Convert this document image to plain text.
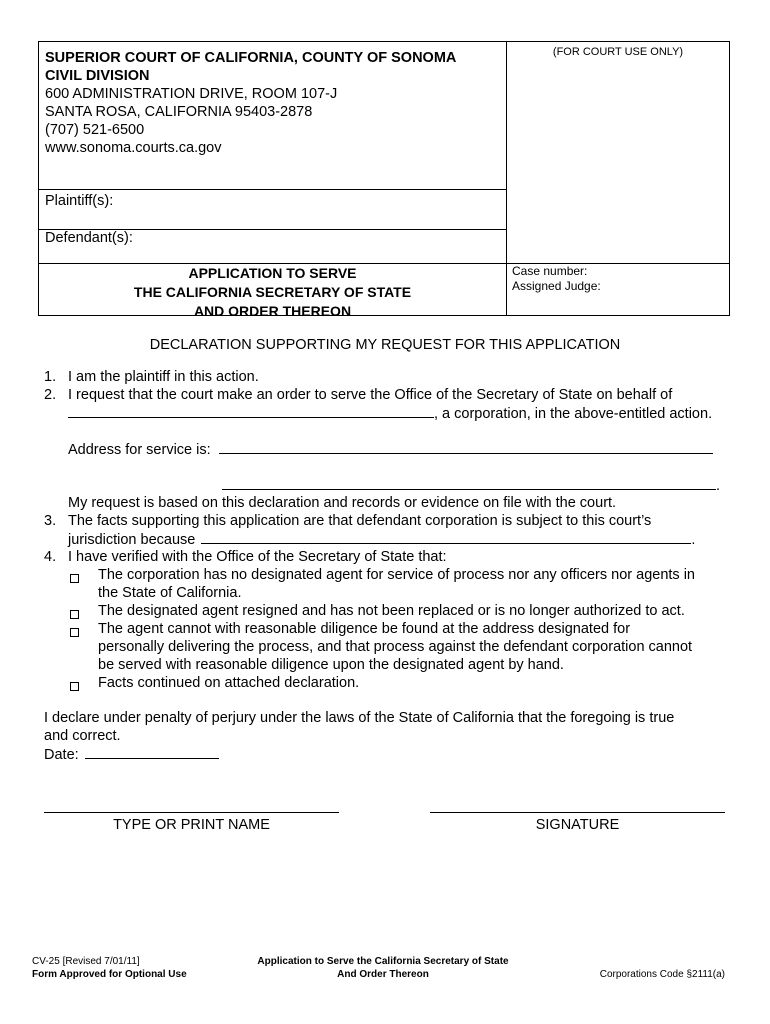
SUPERIOR COURT OF CALIFORNIA, COUNTY OF SONOMA
CIVIL DIVISION
600 ADMINISTRATION DRIVE, ROOM 107-J
SANTA ROSA, CALIFORNIA 95403-2878
(707) 521-6500
www.sonoma.courts.ca.gov
(FOR COURT USE ONLY)
Plaintiff(s):
Defendant(s):
APPLICATION TO SERVE
THE CALIFORNIA SECRETARY OF STATE
AND ORDER THEREON
Case number:
Assigned Judge:
DECLARATION SUPPORTING MY REQUEST FOR THIS APPLICATION
1. I am the plaintiff in this action.
2. I request that the court make an order to serve the Office of the Secretary of State on behalf of
, a corporation, in the above-entitled action.
Address for service is:
.
My request is based on this declaration and records or evidence on file with the court.
3. The facts supporting this application are that defendant corporation is subject to this court’s
jurisdiction because	.
4. I have verified with the Office of the Secretary of State that:
The corporation has no designated agent for service of process nor any officers nor agents in
the State of California.
The designated agent resigned and has not been replaced or is no longer authorized to act.
The agent cannot with reasonable diligence be found at the address designated for
personally delivering the process, and that process against the defendant corporation cannot
be served with reasonable diligence upon the designated agent by hand.
Facts continued on attached declaration.
I declare under penalty of perjury under the laws of the State of California that the foregoing is true
and correct.
Date:
TYPE OR PRINT NAME	SIGNATURE
CV-25 [Revised 7/01/11]
Form Approved for Optional Use
Application to Serve the California Secretary of State
And Order Thereon	Corporations Code §2111(a)
